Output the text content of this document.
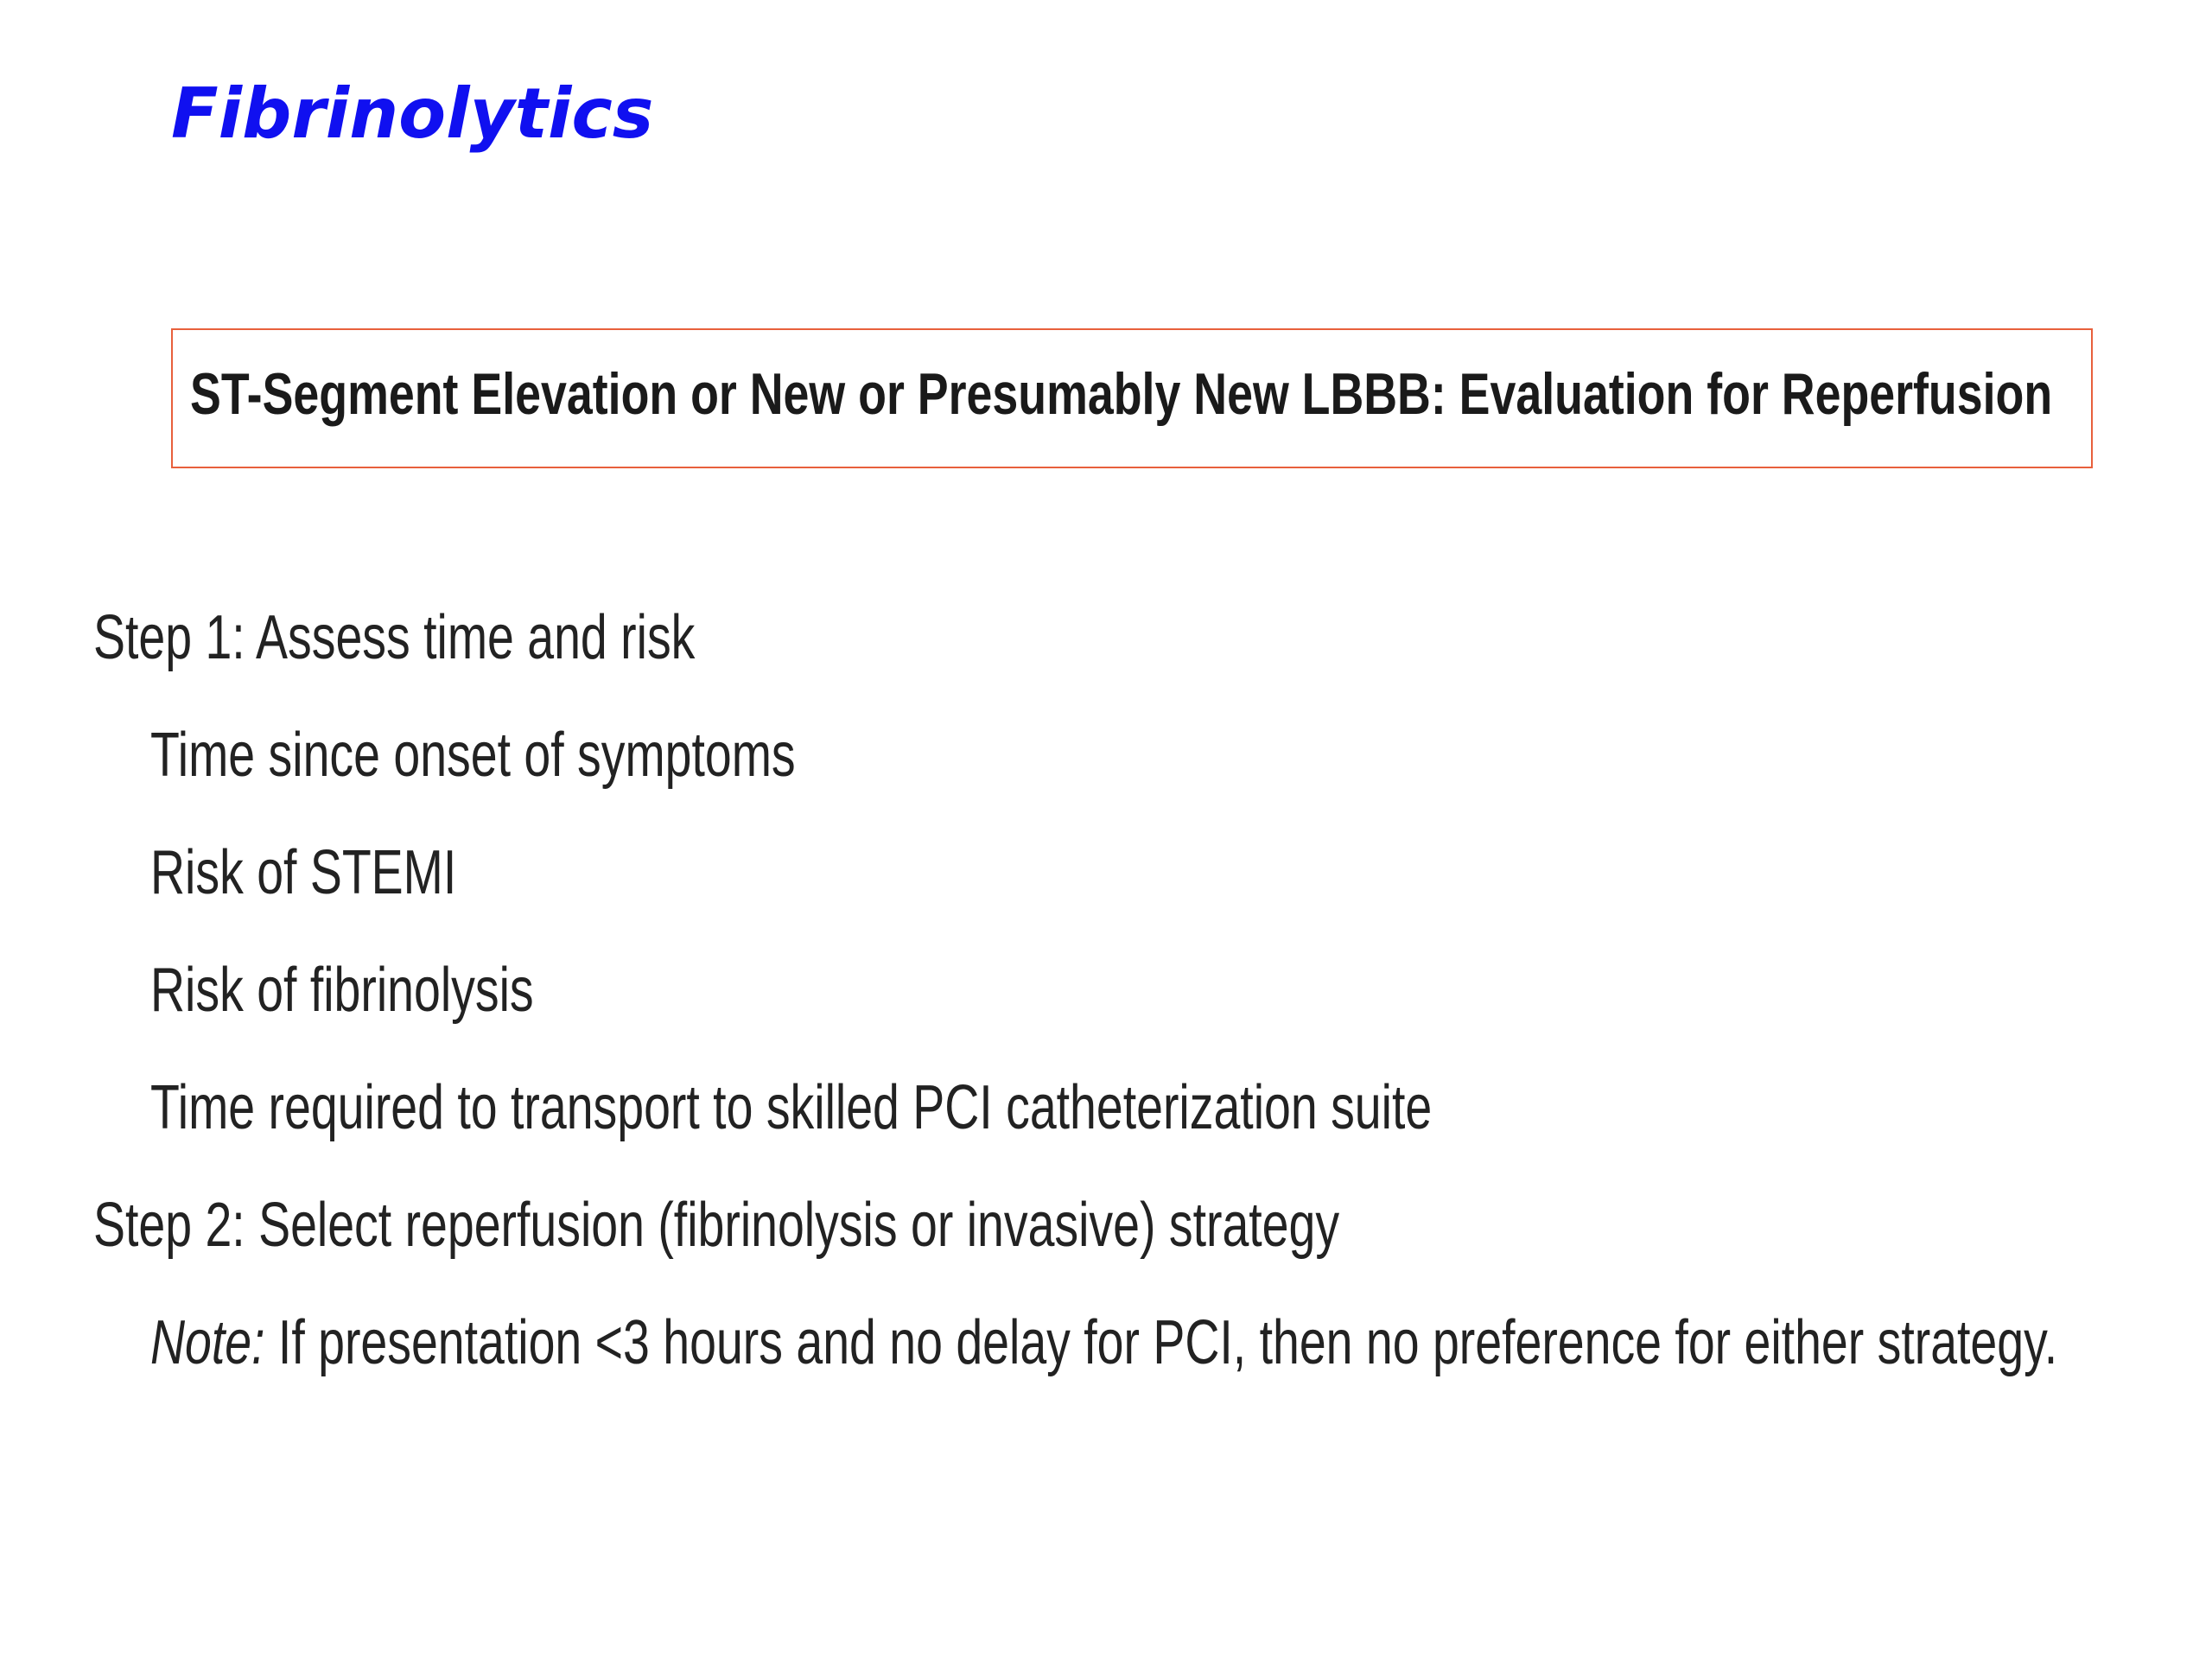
Fibrinolytics

ST-Segment Elevation or New or Presumably New LBBB: Evaluation for Reperfusion

Step 1: Assess time and risk

Time since onset of symptoms

Risk of STEMI

Risk of fibrinolysis

Time required to transport to skilled PCI catheterization suite

Step 2: Select reperfusion (fibrinolysis or invasive) strategy

Note: If presentation <3 hours and no delay for PCI, then no preference for either strategy.
